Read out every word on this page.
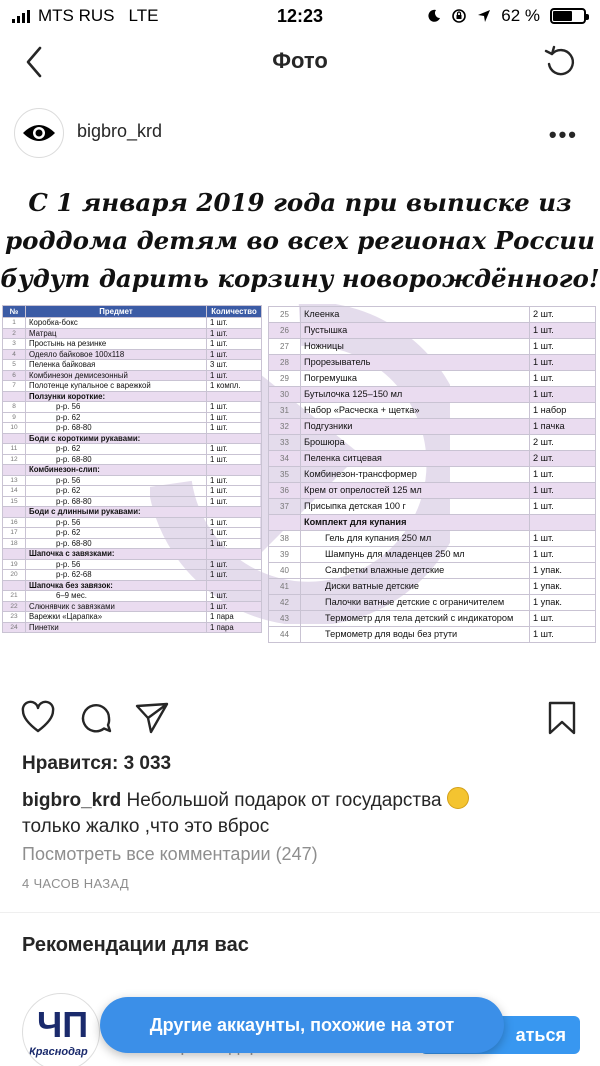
MTS RUS LTE	12:23	62 %
Фото
bigbro_krd	•••
С 1 января 2019 года при выписке из
роддома детям во всех регионах России
будут дарить корзину новорождённого!
№	Предмет	Количество
1	Коробка-бокс	1 шт.
2	Матрац	1 шт.
3	Простынь на резинке	1 шт.
4	Одеяло байковое 100х118	1 шт.
5	Пеленка байковая	3 шт.
6	Комбинезон демисезонный	1 шт.
7	Полотенце купальное с варежкой	1 компл.
	Ползунки короткие:	
8	р-р. 56	1 шт.
9	р-р. 62	1 шт.
10	р-р. 68-80	1 шт.
	Боди с короткими рукавами:	
11	р-р. 62	1 шт.
12	р-р. 68-80	1 шт.
	Комбинезон-слип:	
13	р-р. 56	1 шт.
14	р-р. 62	1 шт.
15	р-р. 68-80	1 шт.
	Боди с длинными рукавами:	
16	р-р. 56	1 шт.
17	р-р. 62	1 шт.
18	р-р. 68-80	1 шт.
	Шапочка с завязками:	
19	р-р. 56	1 шт.
20	р-р. 62-68	1 шт.
	Шапочка без завязок:	
21	6–9 мес.	1 шт.
22	Слюнявчик с завязками	1 шт.
23	Варежки «Царапка»	1 пара
24	Пинетки	1 пара
25	Клеенка	2 шт.
26	Пустышка	1 шт.
27	Ножницы	1 шт.
28	Прорезыватель	1 шт.
29	Погремушка	1 шт.
30	Бутылочка 125–150 мл	1 шт.
31	Набор «Расческа + щетка»	1 набор
32	Подгузники	1 пачка
33	Брошюра	2 шт.
34	Пеленка ситцевая	2 шт.
35	Комбинезон-трансформер	1 шт.
36	Крем от опрелостей 125 мл	1 шт.
37	Присыпка детская 100 г	1 шт.
	Комплект для купания	
38	Гель для купания 250 мл	1 шт.
39	Шампунь для младенцев 250 мл	1 шт.
40	Салфетки влажные детские	1 упак.
41	Диски ватные детские	1 упак.
42	Палочки ватные детские с ограничителем	1 упак.
43	Термометр для тела детский с индикатором	1 шт.
44	Термометр для воды без ртути	1 шт.
Нравится: 3 033
bigbro_krd Небольшой подарок от государства
только жалко ,что это вброс
Посмотреть все комментарии (247)
4 ЧАСОВ НАЗАД
Рекомендации для вас
ЧП
Краснодар
аться
Другие аккаунты, похожие на этот
